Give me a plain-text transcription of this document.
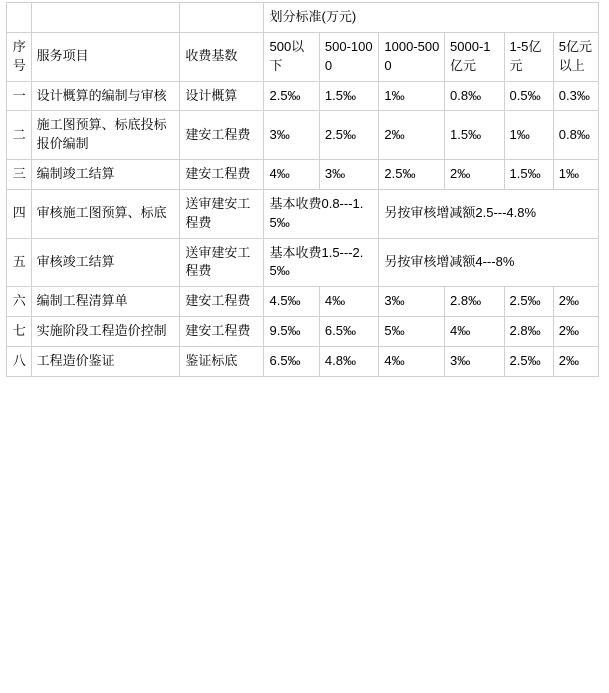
			划分标准(万元)					
序号	服务项目	收费基数	500以下	500-1000	1000-5000	5000-1亿元	1-5亿元	5亿元以上
一	设计概算的编制与审核	设计概算	2.5‰	1.5‰	1‰	0.8‰	0.5‰	0.3‰
二	施工图预算、标底投标报价编制	建安工程费	3‰	2.5‰	2‰	1.5‰	1‰	0.8‰
三	编制竣工结算	建安工程费	4‰	3‰	2.5‰	2‰	1.5‰	1‰
四	审核施工图预算、标底	送审建安工程费	基本收费0.8---1.5‰		另按审核增减额2.5---4.8%			
五	审核竣工结算	送审建安工程费	基本收费1.5---2.5‰		另按审核增减额4---8%			
六	编制工程清算单	建安工程费	4.5‰	4‰	3‰	2.8‰	2.5‰	2‰
七	实施阶段工程造价控制	建安工程费	9.5‰	6.5‰	5‰	4‰	2.8‰	2‰
八	工程造价鉴证	鉴证标底	6.5‰	4.8‰	4‰	3‰	2.5‰	2‰
